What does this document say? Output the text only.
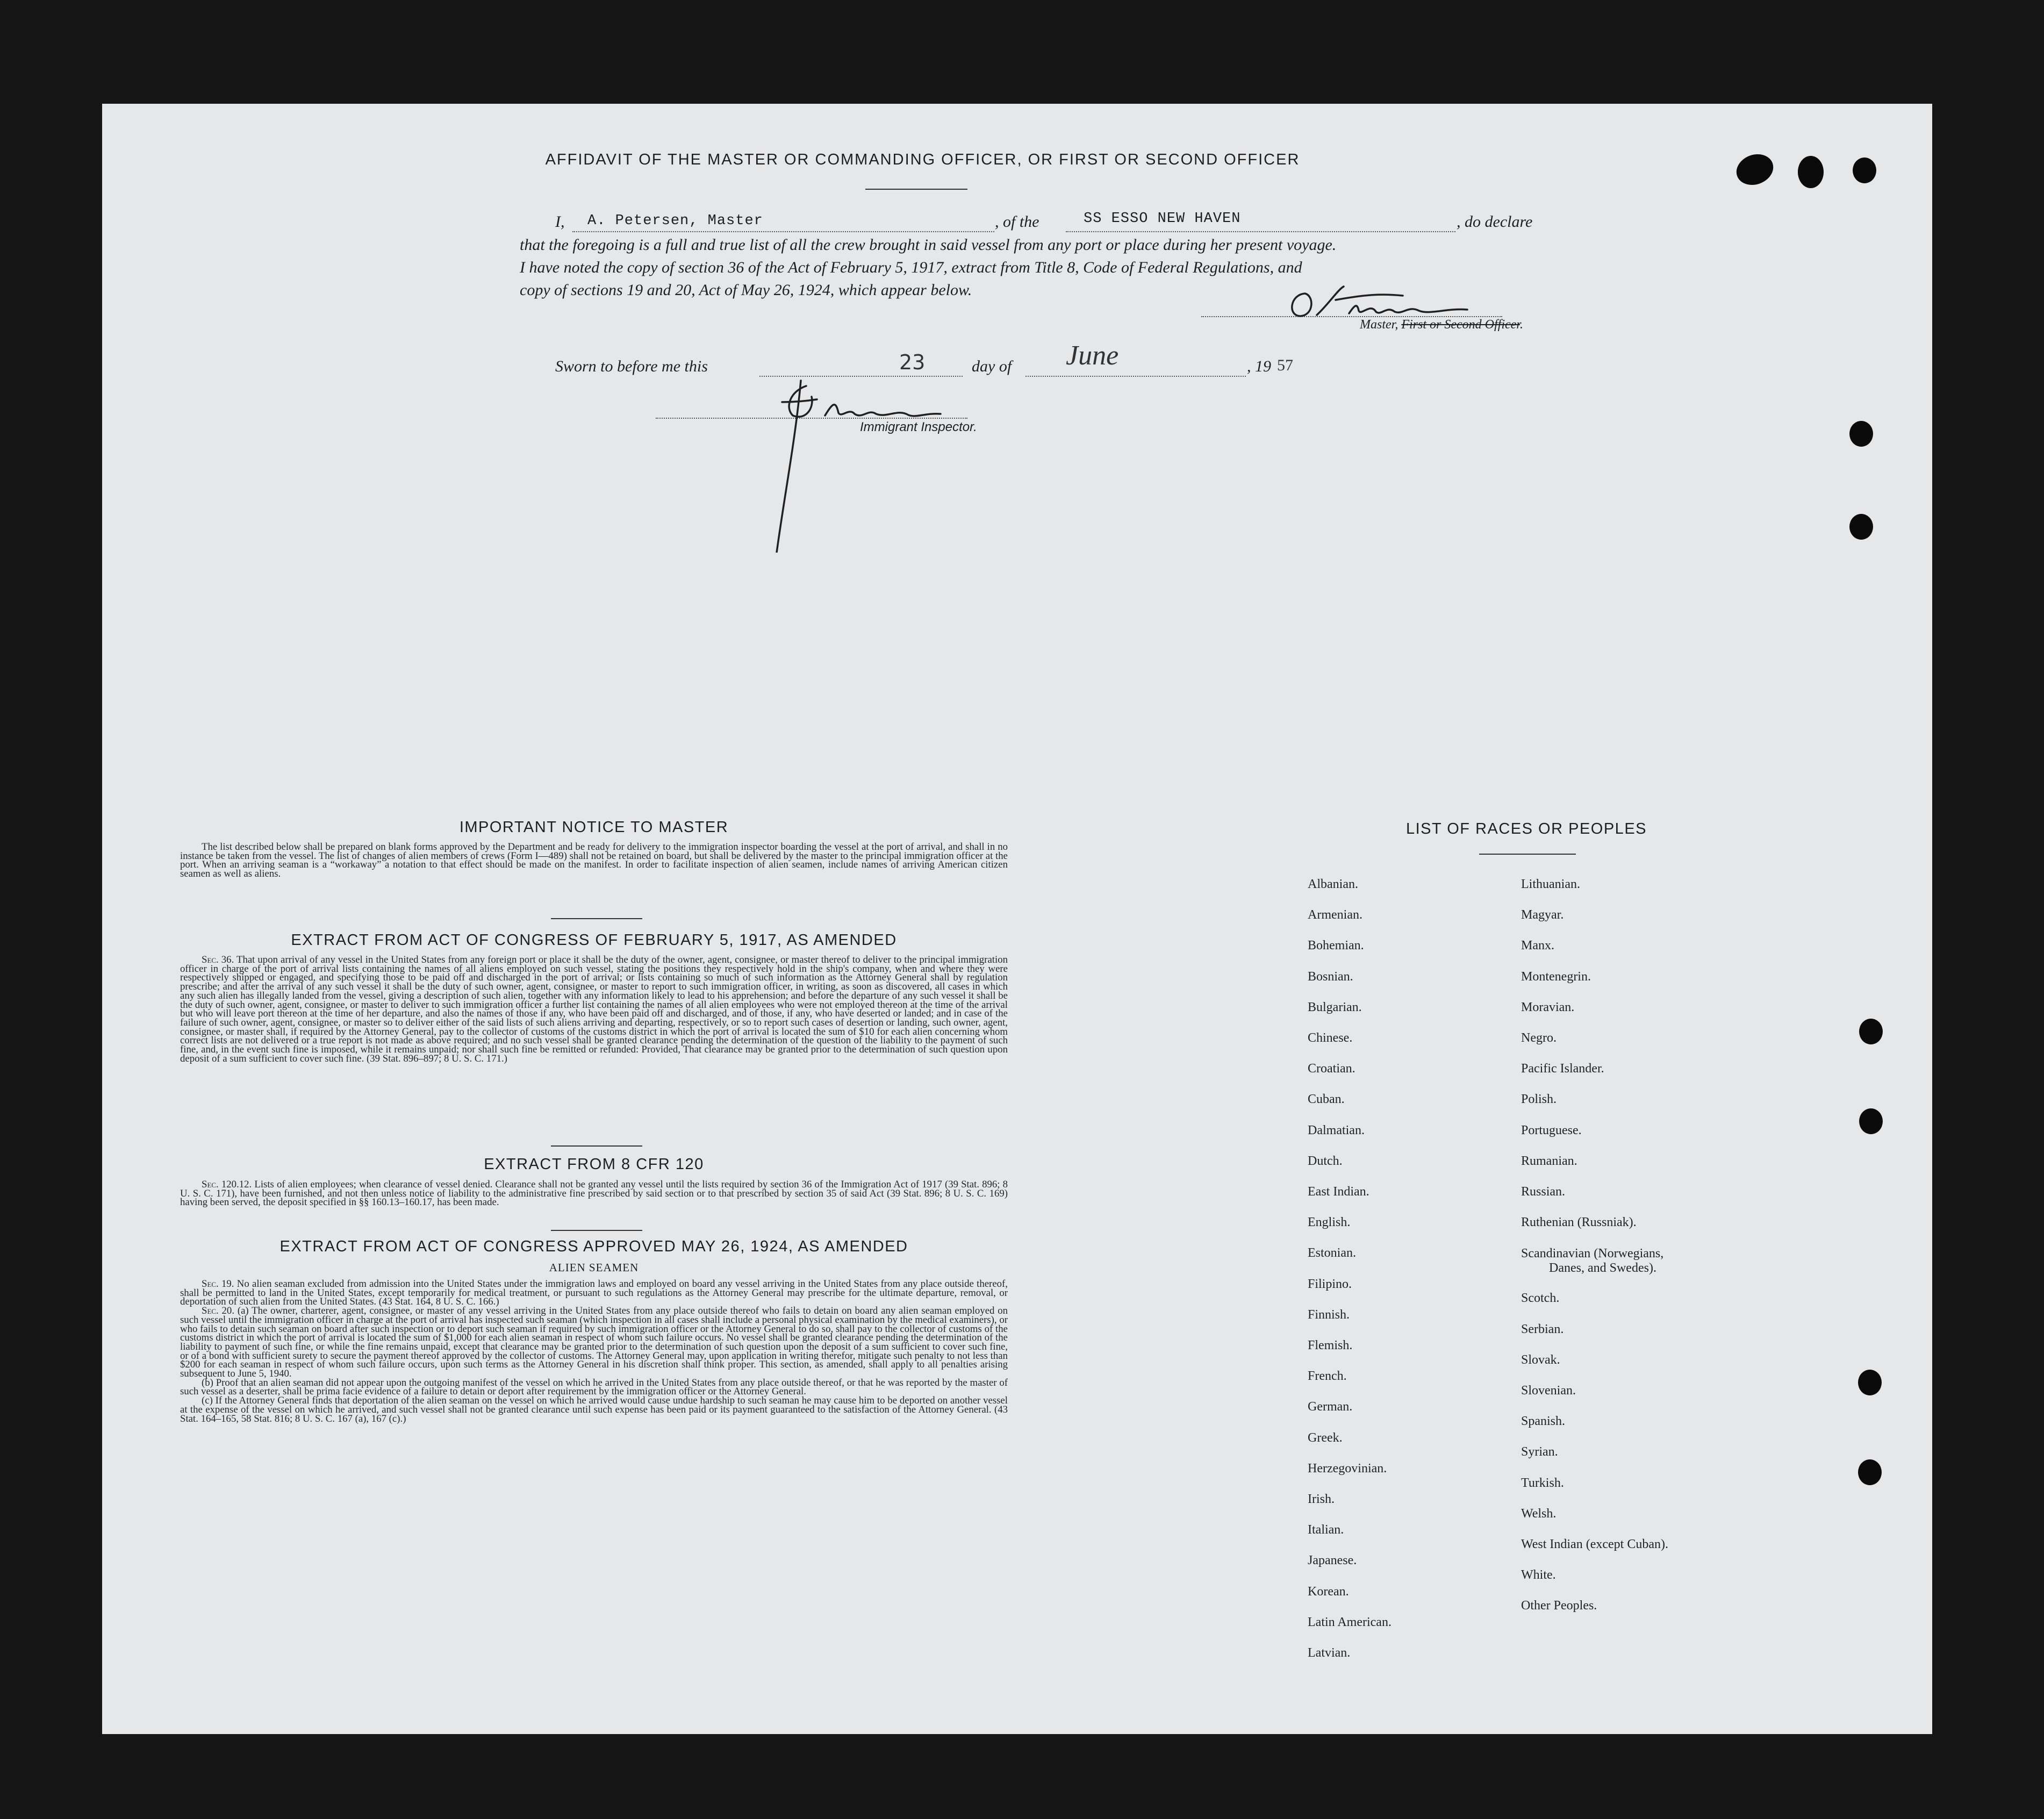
AFFIDAVIT OF THE MASTER OR COMMANDING OFFICER, OR FIRST OR SECOND OFFICER
I, A. Petersen, Master	, of the	SS ESSO NEW HAVEN	, do declare
that the foregoing is a full and true list of all the crew brought in said vessel from any port or place during her present voyage.
I have noted the copy of section 36 of the Act of February 5, 1917, extract from Title 8, Code of Federal Regulations, and
copy of sections 19 and 20, Act of May 26, 1924, which appear below.
Master, First or Second Officer.
Sworn to before me this	23	day of June	, 19 57
Immigrant Inspector.
IMPORTANT NOTICE TO MASTER
The list described below shall be prepared on blank forms approved by the Department and be ready for delivery to the immigration inspector boarding the vessel at the port of arrival, and shall in no instance be taken from the vessel. The list of changes of alien members of crews (Form I—489) shall not be retained on board, but shall be delivered by the master to the principal immigration officer at the port. When an arriving seaman is a “workaway” a notation to that effect should be made on the manifest. In order to facilitate inspection of alien seamen, include names of arriving American citizen seamen as well as aliens.
EXTRACT FROM ACT OF CONGRESS OF FEBRUARY 5, 1917, AS AMENDED
Sec. 36. That upon arrival of any vessel in the United States from any foreign port or place it shall be the duty of the owner, agent, consignee, or master thereof to deliver to the principal immigration officer in charge of the port of arrival lists containing the names of all aliens employed on such vessel, stating the positions they respectively hold in the ship's company, when and where they were respectively shipped or engaged, and specifying those to be paid off and discharged in the port of arrival; or lists containing so much of such information as the Attorney General shall by regulation prescribe; and after the arrival of any such vessel it shall be the duty of such owner, agent, consignee, or master to report to such immigration officer, in writing, as soon as discovered, all cases in which any such alien has illegally landed from the vessel, giving a description of such alien, together with any information likely to lead to his apprehension; and before the departure of any such vessel it shall be the duty of such owner, agent, consignee, or master to deliver to such immigration officer a further list containing the names of all alien employees who were not employed thereon at the time of the arrival but who will leave port thereon at the time of her departure, and also the names of those if any, who have been paid off and discharged, and of those, if any, who have deserted or landed; and in case of the failure of such owner, agent, consignee, or master so to deliver either of the said lists of such aliens arriving and departing, respectively, or so to report such cases of desertion or landing, such owner, agent, consignee, or master shall, if required by the Attorney General, pay to the collector of customs of the customs district in which the port of arrival is located the sum of $10 for each alien concerning whom correct lists are not delivered or a true report is not made as above required; and no such vessel shall be granted clearance pending the determination of the question of the liability to the payment of such fine, and, in the event such fine is imposed, while it remains unpaid; nor shall such fine be remitted or refunded: Provided, That clearance may be granted prior to the determination of such question upon deposit of a sum sufficient to cover such fine. (39 Stat. 896–897; 8 U. S. C. 171.)
EXTRACT FROM 8 CFR 120
Sec. 120.12. Lists of alien employees; when clearance of vessel denied. Clearance shall not be granted any vessel until the lists required by section 36 of the Immigration Act of 1917 (39 Stat. 896; 8 U. S. C. 171), have been furnished, and not then unless notice of liability to the administrative fine prescribed by said section or to that prescribed by section 35 of said Act (39 Stat. 896; 8 U. S. C. 169) having been served, the deposit specified in §§ 160.13–160.17, has been made.
EXTRACT FROM ACT OF CONGRESS APPROVED MAY 26, 1924, AS AMENDED
ALIEN SEAMEN
Sec. 19. No alien seaman excluded from admission into the United States under the immigration laws and employed on board any vessel arriving in the United States from any place outside thereof, shall be permitted to land in the United States, except temporarily for medical treatment, or pursuant to such regulations as the Attorney General may prescribe for the ultimate departure, removal, or deportation of such alien from the United States. (43 Stat. 164, 8 U. S. C. 166.)
Sec. 20. (a) The owner, charterer, agent, consignee, or master of any vessel arriving in the United States from any place outside thereof who fails to detain on board any alien seaman employed on such vessel until the immigration officer in charge at the port of arrival has inspected such seaman (which inspection in all cases shall include a personal physical examination by the medical examiners), or who fails to detain such seaman on board after such inspection or to deport such seaman if required by such immigration officer or the Attorney General to do so, shall pay to the collector of customs of the customs district in which the port of arrival is located the sum of $1,000 for each alien seaman in respect of whom such failure occurs. No vessel shall be granted clearance pending the determination of the liability to payment of such fine, or while the fine remains unpaid, except that clearance may be granted prior to the determination of such question upon the deposit of a sum sufficient to cover such fine, or of a bond with sufficient surety to secure the payment thereof approved by the collector of customs. The Attorney General may, upon application in writing therefor, mitigate such penalty to not less than $200 for each seaman in respect of whom such failure occurs, upon such terms as the Attorney General in his discretion shall think proper. This section, as amended, shall apply to all penalties arising subsequent to June 5, 1940.
(b) Proof that an alien seaman did not appear upon the outgoing manifest of the vessel on which he arrived in the United States from any place outside thereof, or that he was reported by the master of such vessel as a deserter, shall be prima facie evidence of a failure to detain or deport after requirement by the immigration officer or the Attorney General.
(c) If the Attorney General finds that deportation of the alien seaman on the vessel on which he arrived would cause undue hardship to such seaman he may cause him to be deported on another vessel at the expense of the vessel on which he arrived, and such vessel shall not be granted clearance until such expense has been paid or its payment guaranteed to the satisfaction of the Attorney General. (43 Stat. 164–165, 58 Stat. 816; 8 U. S. C. 167 (a), 167 (c).)
LIST OF RACES OR PEOPLES
Albanian.
Armenian.
Bohemian.
Bosnian.
Bulgarian.
Chinese.
Croatian.
Cuban.
Dalmatian.
Dutch.
East Indian.
English.
Estonian.
Filipino.
Finnish.
Flemish.
French.
German.
Greek.
Herzegovinian.
Irish.
Italian.
Japanese.
Korean.
Latin American.
Latvian.
Lithuanian.
Magyar.
Manx.
Montenegrin.
Moravian.
Negro.
Pacific Islander.
Polish.
Portuguese.
Rumanian.
Russian.
Ruthenian (Russniak).
Scandinavian (Norwegians,
Danes, and Swedes).
Scotch.
Serbian.
Slovak.
Slovenian.
Spanish.
Syrian.
Turkish.
Welsh.
West Indian (except Cuban).
White.
Other Peoples.
